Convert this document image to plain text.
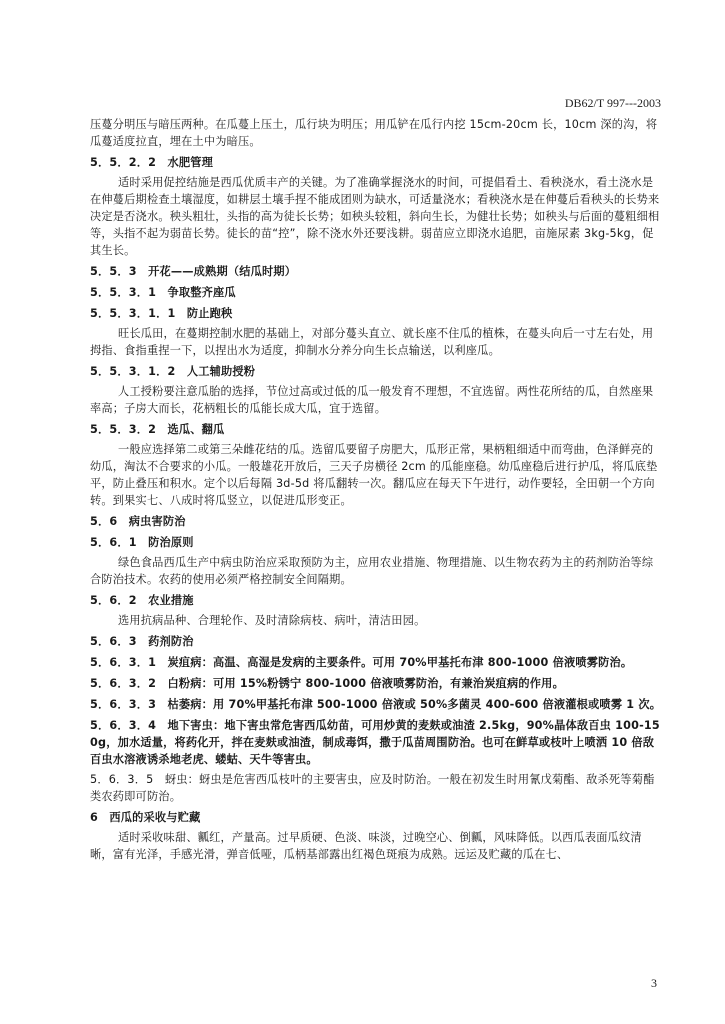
DB62/T 997---2003

压蔓分明压与暗压两种。在瓜蔓上压土，瓜行块为明压；用瓜铲在瓜行内挖 15cm-20cm 长，10cm 深的沟，将瓜蔓适度拉直，埋在土中为暗压。

5．5．2．2　水肥管理

适时采用促控结施是西瓜优质丰产的关键。为了准确掌握浇水的时间，可提倡看土、看秧浇水，看土浇水是在伸蔓后期检查土壤湿度，如耕层土壤手捏不能成团则为缺水，可适量浇水；看秧浇水是在伸蔓后看秧头的长势来决定是否浇水。秧头粗壮，头指的高为徒长长势；如秧头较粗，斜向生长，为健壮长势；如秧头与后面的蔓粗细相等，头指不起为弱苗长势。徒长的苗“控”，除不浇水外还要浅耕。弱苗应立即浇水追肥，亩施尿素 3kg-5kg，促其生长。

5．5．3　开花——成熟期（结瓜时期）

5．5．3．1　争取整齐座瓜

5．5．3．1．1　防止跑秧

旺长瓜田，在蔓期控制水肥的基础上，对部分蔓头直立、就长座不住瓜的植株，在蔓头向后一寸左右处，用拇指、食指重捏一下，以捏出水为适度，抑制水分养分向生长点输送，以利座瓜。

5．5．3．1．2　人工辅助授粉

人工授粉要注意瓜胎的选择，节位过高或过低的瓜一般发育不理想，不宜选留。两性花所结的瓜，自然座果率高；子房大而长，花柄粗长的瓜能长成大瓜，宜于选留。

5．5．3．2　选瓜、翻瓜

一般应选择第二或第三朵雌花结的瓜。选留瓜要留子房肥大，瓜形正常，果柄粗细适中而弯曲，色泽鲜亮的幼瓜，淘汰不合要求的小瓜。一般雄花开放后，三天子房横径 2cm 的瓜能座稳。幼瓜座稳后进行护瓜，将瓜底垫平，防止叠压和积水。定个以后每隔 3d-5d 将瓜翻转一次。翻瓜应在每天下午进行，动作要轻，全田朝一个方向转。到果实七、八成时将瓜竖立，以促进瓜形变正。

5．6　病虫害防治

5．6．1　防治原则

绿色食品西瓜生产中病虫防治应采取预防为主，应用农业措施、物理措施、以生物农药为主的药剂防治等综合防治技术。农药的使用必须严格控制安全间隔期。

5．6．2　农业措施

选用抗病品种、合理轮作、及时清除病枝、病叶，清洁田园。

5．6．3　药剂防治

5．6．3．1　炭疽病：高温、高湿是发病的主要条件。可用 70%甲基托布津 800-1000 倍液喷雾防治。

5．6．3．2　白粉病：可用 15%粉锈宁 800-1000 倍液喷雾防治，有兼治炭疽病的作用。

5．6．3．3　枯萎病：用 70%甲基托布津 500-1000 倍液或 50%多菌灵 400-600 倍液灌根或喷雾 1 次。

5．6．3．4　地下害虫：地下害虫常危害西瓜幼苗，可用炒黄的麦麸或油渣 2.5kg，90%晶体敌百虫 100-150g，加水适量，将药化开，拌在麦麸或油渣，制成毒饵，撒于瓜苗周围防治。也可在鲜草或枝叶上喷洒 10 倍敌百虫水溶液诱杀地老虎、蝼蛄、天牛等害虫。

5．6．3．5　蚜虫：蚜虫是危害西瓜枝叶的主要害虫，应及时防治。一般在初发生时用氰戊菊酯、敌杀死等菊酯类农药即可防治。

6　西瓜的采收与贮藏

适时采收味甜、瓤红，产量高。过早质硬、色淡、味淡，过晚空心、倒瓤，风味降低。以西瓜表面瓜纹清晰，富有光泽，手感光滑，弹音低哑，瓜柄基部露出红褐色斑痕为成熟。远运及贮藏的瓜在七、

3
